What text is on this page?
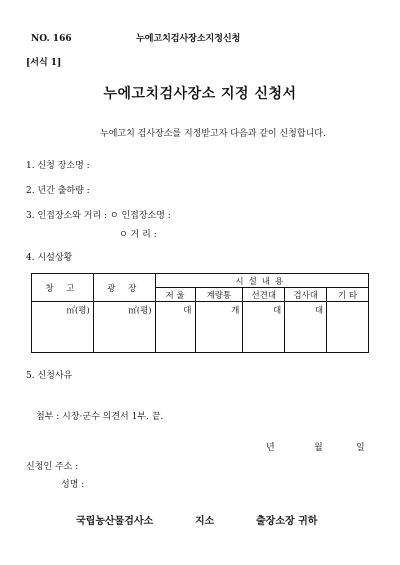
NO. 166	누에고치검사장소지정신청
[서식 1]
누에고치검사장소 지정 신청서
누에고치 검사장소를 지정받고자 다음과 같이 신청합니다.
1. 신청 장소명 :
2. 년간 출하량 :
3. 인접장소와 거리 : ㅇ 인접장소명 :
ㅇ 거 리 :
4. 시설상황
창 고	광 장	시설내용				
		저 울	계량통	선견대	검사대	기 타
㎡(평)	㎡(평)	대	개	대	대	
5. 신청사유
첨부 : 시장·군수 의견서 1부. 끝.
년	월	일
신청인 주소 :
성명 :
국립농산물검사소	지소	출장소장 귀하
